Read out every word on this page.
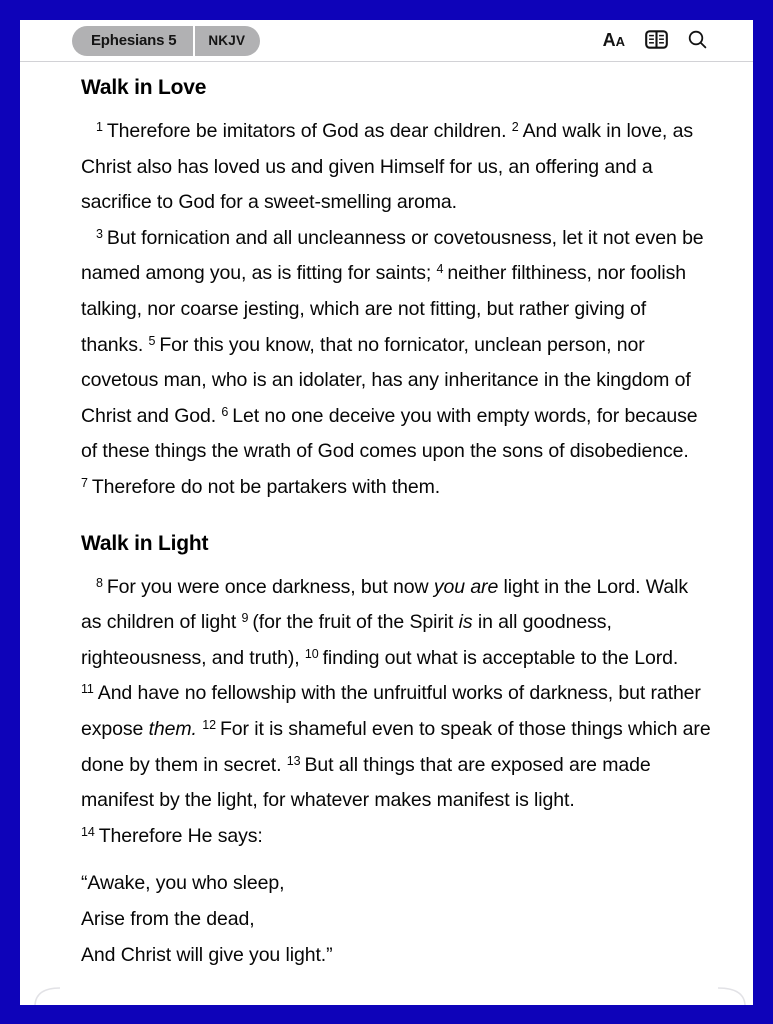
Ephesians 5 NKJV	AA
Walk in Love

$^1$ Therefore be imitators of God as dear children. $^2$ And walk in love, as Christ also has loved us and given Himself for us, an offering and a sacrifice to God for a sweet-smelling aroma.

$^3$ But fornication and all uncleanness or covetousness, let it not even be named among you, as is fitting for saints; $^4$ neither filthiness, nor foolish talking, nor coarse jesting, which are not fitting, but rather giving of thanks. $^5$ For this you know, that no fornicator, unclean person, nor covetous man, who is an idolater, has any inheritance in the kingdom of Christ and God. $^6$ Let no one deceive you with empty words, for because of these things the wrath of God comes upon the sons of disobedience. $^7$ Therefore do not be partakers with them.

Walk in Light

$^8$ For you were once darkness, but now you are light in the Lord. Walk as children of light $^9$ (for the fruit of the Spirit is in all goodness, righteousness, and truth), $^{10}$ finding out what is acceptable to the Lord. $^{11}$ And have no fellowship with the unfruitful works of darkness, but rather expose them. $^{12}$ For it is shameful even to speak of those things which are done by them in secret. $^{13}$ But all things that are exposed are made manifest by the light, for whatever makes manifest is light.
$^{14}$ Therefore He says:

“Awake, you who sleep,
Arise from the dead,
And Christ will give you light.”
